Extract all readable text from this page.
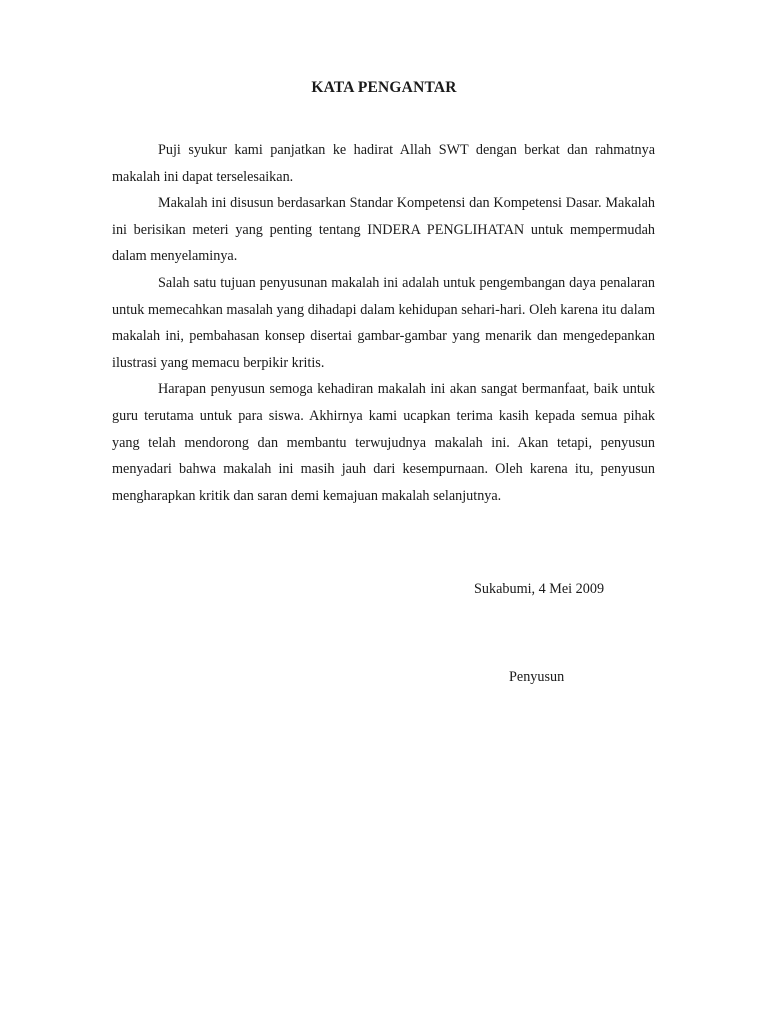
KATA PENGANTAR

Puji syukur kami panjatkan ke hadirat Allah SWT dengan berkat dan rahmatnya makalah ini dapat terselesaikan.

Makalah ini disusun berdasarkan Standar Kompetensi dan Kompetensi Dasar. Makalah ini berisikan meteri yang penting tentang INDERA PENGLIHATAN untuk mempermudah dalam menyelaminya.

Salah satu tujuan penyusunan makalah ini adalah untuk pengembangan daya penalaran untuk memecahkan masalah yang dihadapi dalam kehidupan sehari-hari. Oleh karena itu dalam makalah ini, pembahasan konsep disertai gambar-gambar yang menarik dan mengedepankan ilustrasi yang memacu berpikir kritis.

Harapan penyusun semoga kehadiran makalah ini akan sangat bermanfaat, baik untuk guru terutama untuk para siswa. Akhirnya kami ucapkan terima kasih kepada semua pihak yang telah mendorong dan membantu terwujudnya makalah ini. Akan tetapi, penyusun menyadari bahwa makalah ini masih jauh dari kesempurnaan. Oleh karena itu, penyusun mengharapkan kritik dan saran demi kemajuan makalah selanjutnya.

Sukabumi, 4 Mei 2009
Penyusun
